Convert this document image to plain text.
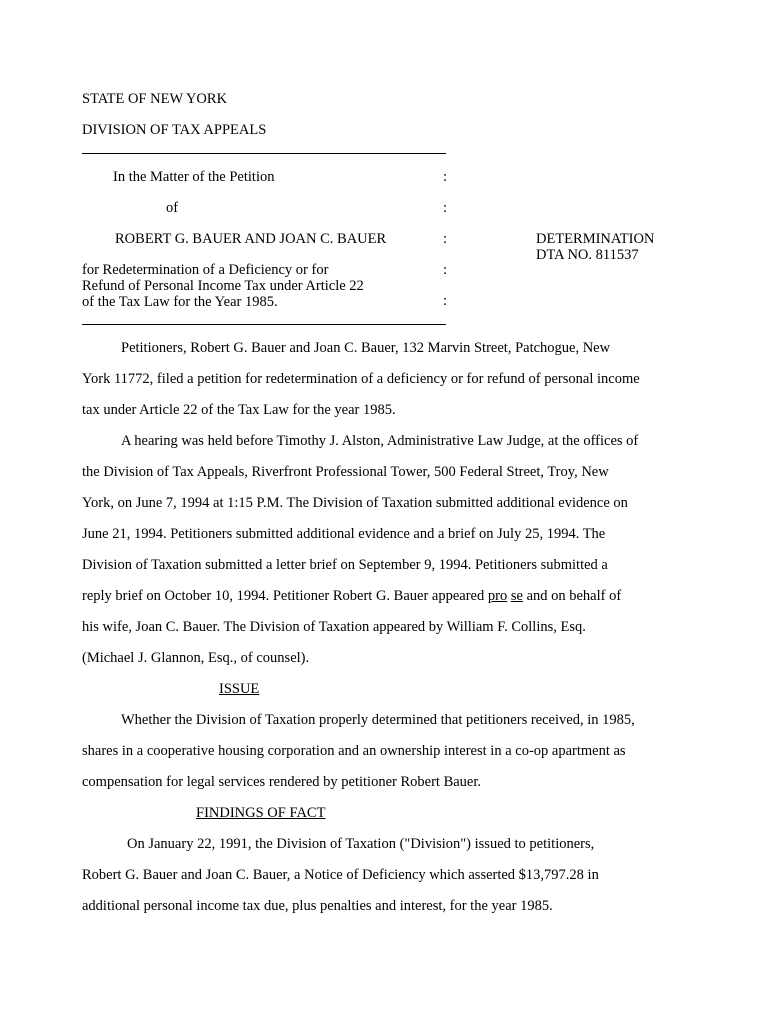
STATE OF NEW YORK
DIVISION OF TAX APPEALS
In the Matter of the Petition
of
ROBERT G. BAUER AND JOAN C. BAUER
for Redetermination of a Deficiency or for
Refund of Personal Income Tax under Article 22
of the Tax Law for the Year 1985.
:
:
:
:
:
DETERMINATION
DTA NO. 811537
Petitioners, Robert G. Bauer and Joan C. Bauer, 132 Marvin Street, Patchogue, New
York 11772, filed a petition for redetermination of a deficiency or for refund of personal income
tax under Article 22 of the Tax Law for the year 1985.
A hearing was held before Timothy J. Alston, Administrative Law Judge, at the offices of
the Division of Tax Appeals, Riverfront Professional Tower, 500 Federal Street, Troy, New
York, on June 7, 1994 at 1:15 P.M. The Division of Taxation submitted additional evidence on
June 21, 1994. Petitioners submitted additional evidence and a brief on July 25, 1994. The
Division of Taxation submitted a letter brief on September 9, 1994. Petitioners submitted a
reply brief on October 10, 1994. Petitioner Robert G. Bauer appeared pro se and on behalf of
his wife, Joan C. Bauer. The Division of Taxation appeared by William F. Collins, Esq.
(Michael J. Glannon, Esq., of counsel).
ISSUE
Whether the Division of Taxation properly determined that petitioners received, in 1985,
shares in a cooperative housing corporation and an ownership interest in a co-op apartment as
compensation for legal services rendered by petitioner Robert Bauer.
FINDINGS OF FACT
On January 22, 1991, the Division of Taxation ("Division") issued to petitioners,
Robert G. Bauer and Joan C. Bauer, a Notice of Deficiency which asserted $13,797.28 in
additional personal income tax due, plus penalties and interest, for the year 1985.
